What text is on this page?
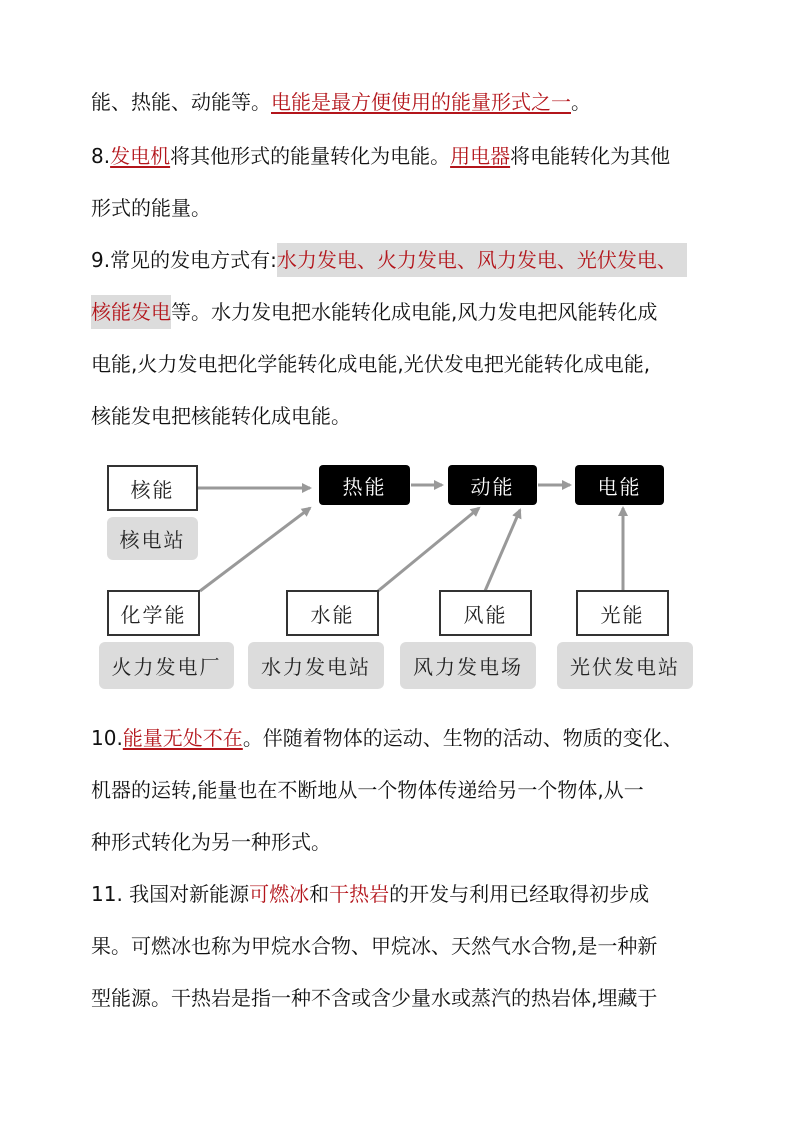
能、热能、动能等。电能是最方便使用的能量形式之一。
8.发电机将其他形式的能量转化为电能。用电器将电能转化为其他
形式的能量。
9.常见的发电方式有:水力发电、火力发电、风力发电、光伏发电、
核能发电等。水力发电把水能转化成电能,风力发电把风能转化成
电能,火力发电把化学能转化成电能,光伏发电把光能转化成电能,
核能发电把核能转化成电能。
核能
核电站
热能	动能	电能
化学能
火力发电厂
水能
水力发电站
风能
风力发电场
光能
光伏发电站
10.能量无处不在。伴随着物体的运动、生物的活动、物质的变化、
机器的运转,能量也在不断地从一个物体传递给另一个物体,从一
种形式转化为另一种形式。
11. 我国对新能源可燃冰和干热岩的开发与利用已经取得初步成
果。可燃冰也称为甲烷水合物、甲烷冰、天然气水合物,是一种新
型能源。干热岩是指一种不含或含少量水或蒸汽的热岩体,埋藏于
